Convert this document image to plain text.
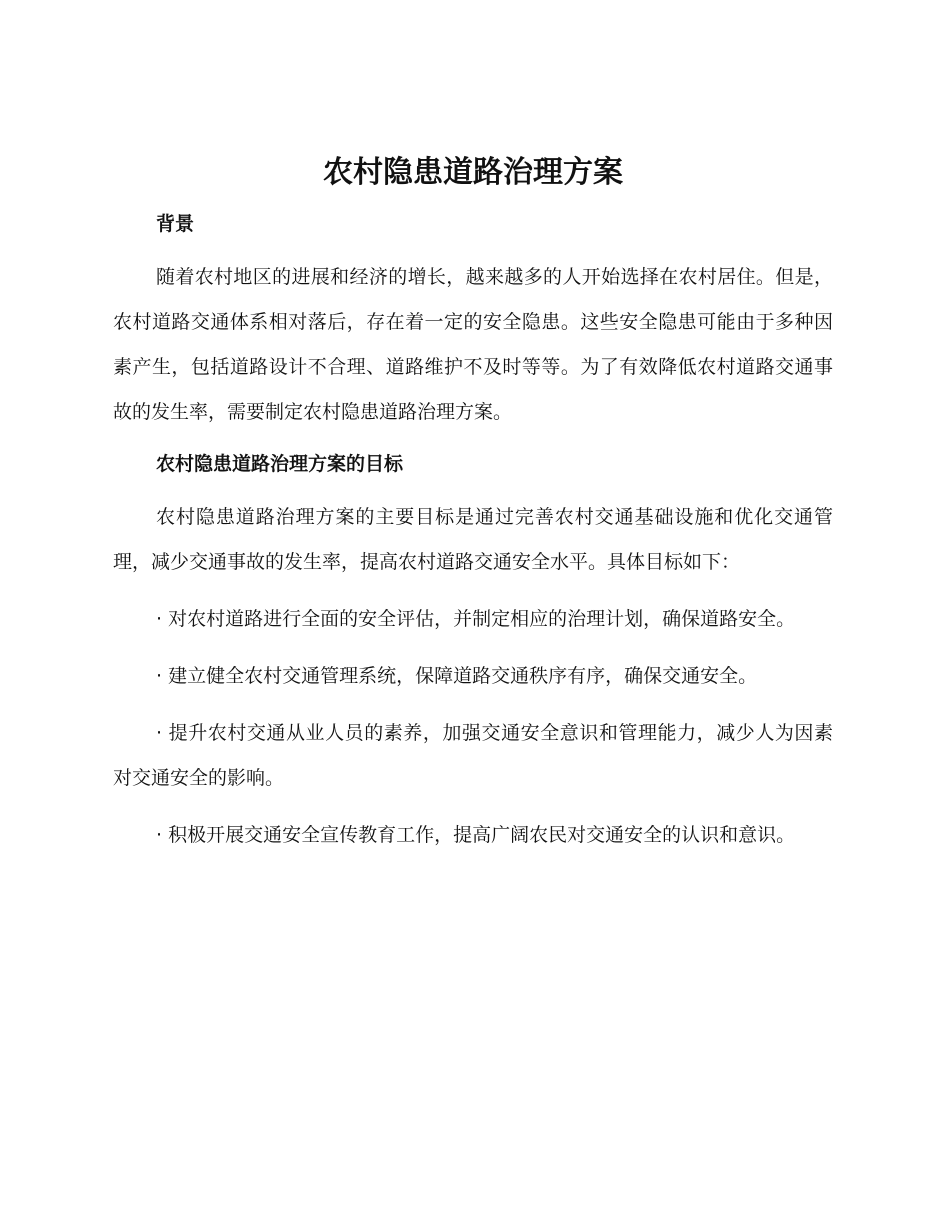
农村隐患道路治理方案
背景

随着农村地区的进展和经济的增长，越来越多的人开始选择在农村居住。但是，农村道路交通体系相对落后，存在着一定的安全隐患。这些安全隐患可能由于多种因素产生，包括道路设计不合理、道路维护不及时等等。为了有效降低农村道路交通事故的发生率，需要制定农村隐患道路治理方案。

农村隐患道路治理方案的目标

农村隐患道路治理方案的主要目标是通过完善农村交通基础设施和优化交通管理，减少交通事故的发生率，提高农村道路交通安全水平。具体目标如下：

· 对农村道路进行全面的安全评估，并制定相应的治理计划，确保道路安全。

· 建立健全农村交通管理系统，保障道路交通秩序有序，确保交通安全。

· 提升农村交通从业人员的素养，加强交通安全意识和管理能力，减少人为因素对交通安全的影响。

· 积极开展交通安全宣传教育工作，提高广阔农民对交通安全的认识和意识。
